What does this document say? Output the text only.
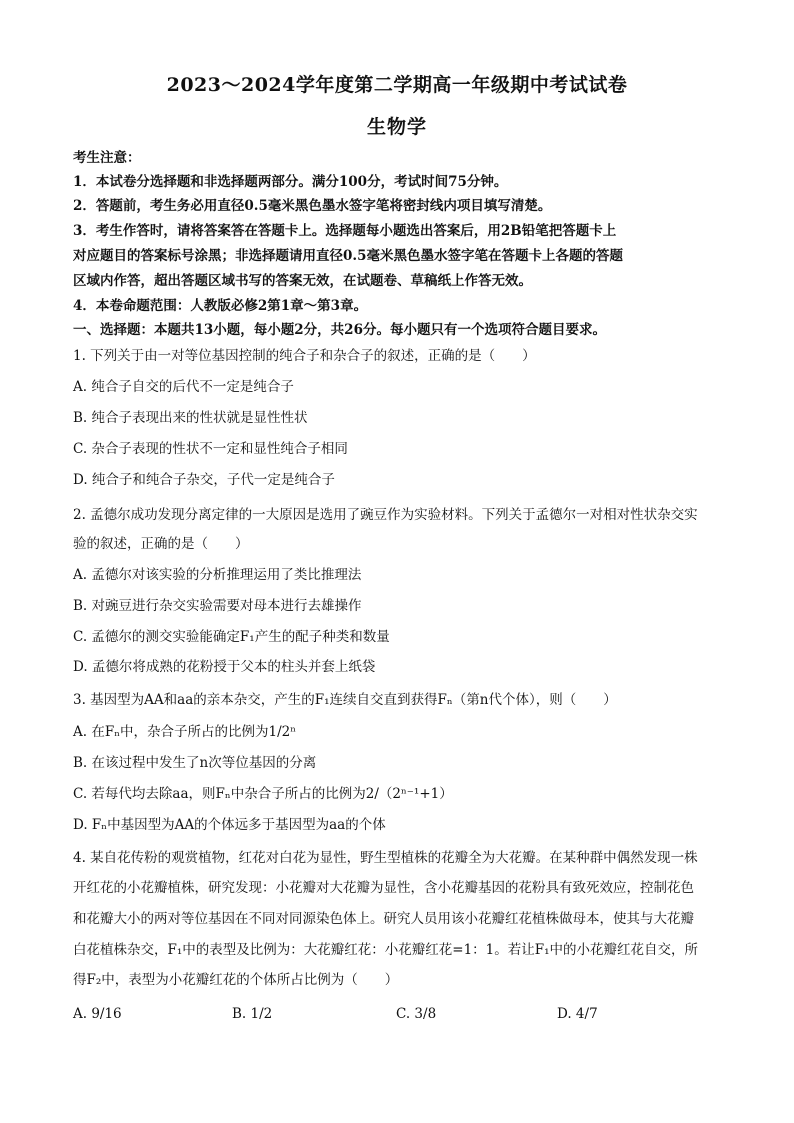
2023～2024学年度第二学期高一年级期中考试试卷
生物学
考生注意：
1．本试卷分选择题和非选择题两部分。满分100分，考试时间75分钟。
2．答题前，考生务必用直径0.5毫米黑色墨水签字笔将密封线内项目填写清楚。
3．考生作答时，请将答案答在答题卡上。选择题每小题选出答案后，用2B铅笔把答题卡上
对应题目的答案标号涂黑；非选择题请用直径0.5毫米黑色墨水签字笔在答题卡上各题的答题
区域内作答，超出答题区域书写的答案无效，在试题卷、草稿纸上作答无效。
4．本卷命题范围：人教版必修2第1章～第3章。
一、选择题：本题共13小题，每小题2分，共26分。每小题只有一个选项符合题目要求。
1. 下列关于由一对等位基因控制的纯合子和杂合子的叙述，正确的是（　　）
A. 纯合子自交的后代不一定是纯合子
B. 纯合子表现出来的性状就是显性性状
C. 杂合子表现的性状不一定和显性纯合子相同
D. 纯合子和纯合子杂交，子代一定是纯合子
2. 孟德尔成功发现分离定律的一大原因是选用了豌豆作为实验材料。下列关于孟德尔一对相对性状杂交实
验的叙述，正确的是（　　）
A. 孟德尔对该实验的分析推理运用了类比推理法
B. 对豌豆进行杂交实验需要对母本进行去雄操作
C. 孟德尔的测交实验能确定F₁产生的配子种类和数量
D. 孟德尔将成熟的花粉授于父本的柱头并套上纸袋
3. 基因型为AA和aa的亲本杂交，产生的F₁连续自交直到获得Fₙ（第n代个体），则（　　）
A. 在Fₙ中，杂合子所占的比例为1/2ⁿ
B. 在该过程中发生了n次等位基因的分离
C. 若每代均去除aa，则Fₙ中杂合子所占的比例为2/（2ⁿ⁻¹+1）
D. Fₙ中基因型为AA的个体远多于基因型为aa的个体
4. 某自花传粉的观赏植物，红花对白花为显性，野生型植株的花瓣全为大花瓣。在某种群中偶然发现一株
开红花的小花瓣植株，研究发现：小花瓣对大花瓣为显性，含小花瓣基因的花粉具有致死效应，控制花色
和花瓣大小的两对等位基因在不同对同源染色体上。研究人员用该小花瓣红花植株做母本，使其与大花瓣
白花植株杂交，F₁中的表型及比例为：大花瓣红花：小花瓣红花=1：1。若让F₁中的小花瓣红花自交，所
得F₂中，表型为小花瓣红花的个体所占比例为（　　）
A. 9/16	B. 1/2	C. 3/8	D. 4/7
